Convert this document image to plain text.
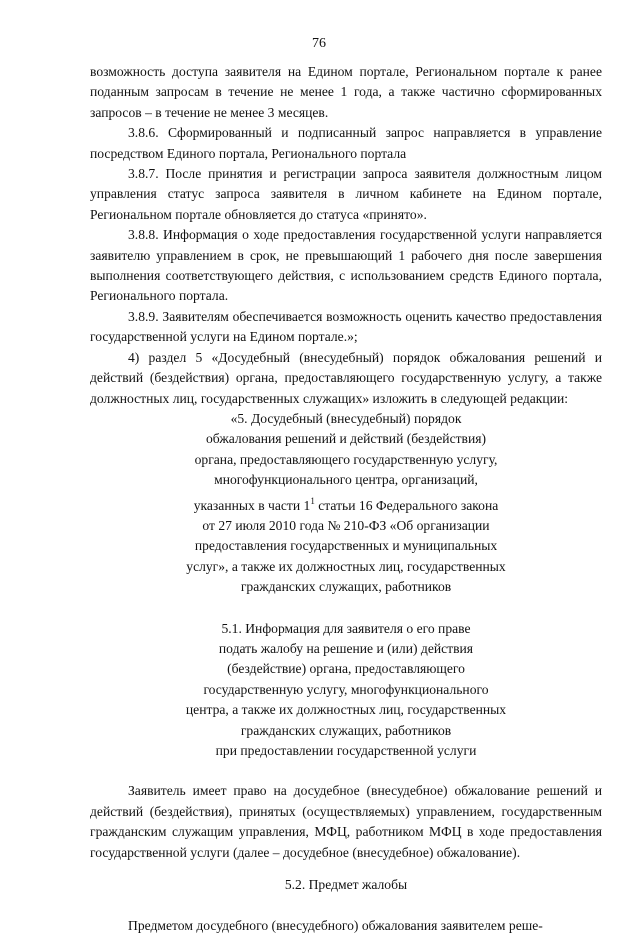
76

возможность доступа заявителя на Едином портале, Региональном портале к ранее поданным запросам в течение не менее 1 года, а также частично сформированных запросов – в течение не менее 3 месяцев.

3.8.6. Сформированный и подписанный запрос направляется в управление посредством Единого портала, Регионального портала

3.8.7. После принятия и регистрации запроса заявителя должностным лицом управления статус запроса заявителя в личном кабинете на Едином портале, Региональном портале обновляется до статуса «принято».

3.8.8. Информация о ходе предоставления государственной услуги направляется заявителю управлением в срок, не превышающий 1 рабочего дня после завершения выполнения соответствующего действия, с использованием средств Единого портала, Регионального портала.

3.8.9. Заявителям обеспечивается возможность оценить качество предоставления государственной услуги на Едином портале.»;

4) раздел 5 «Досудебный (внесудебный) порядок обжалования решений и действий (бездействия) органа, предоставляющего государственную услугу, а также должностных лиц, государственных служащих» изложить в следующей редакции:

«5. Досудебный (внесудебный) порядок
обжалования решений и действий (бездействия)
органа, предоставляющего государственную услугу,
многофункционального центра, организаций,
указанных в части $1^1$ статьи 16 Федерального закона
от 27 июля 2010 года № 210-ФЗ «Об организации
предоставления государственных и муниципальных
услуг», а также их должностных лиц, государственных
гражданских служащих, работников
5.1. Информация для заявителя о его праве
подать жалобу на решение и (или) действия
(бездействие) органа, предоставляющего
государственную услугу, многофункционального
центра, а также их должностных лиц, государственных
гражданских служащих, работников
при предоставлении государственной услуги

Заявитель имеет право на досудебное (внесудебное) обжалование решений и действий (бездействия), принятых (осуществляемых) управлением, государственным гражданским служащим управления, МФЦ, работником МФЦ в ходе предоставления государственной услуги (далее – досудебное (внесудебное) обжалование).

5.2. Предмет жалобы

Предметом досудебного (внесудебного) обжалования заявителем реше-
